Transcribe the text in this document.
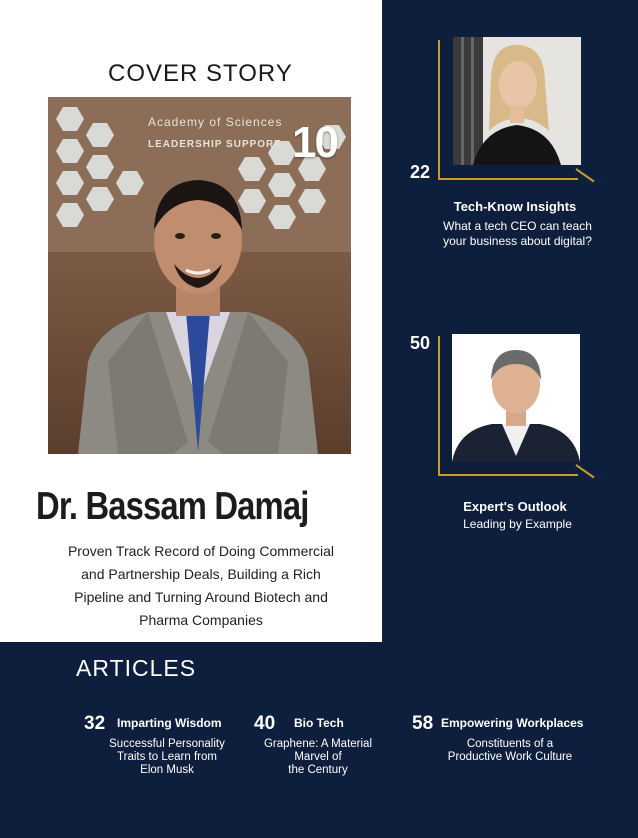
COVER STORY
Academy of Sciences
LEADERSHIP SUPPORT 10
Dr. Bassam Damaj
Proven Track Record of Doing Commercial and Partnership Deals, Building a Rich Pipeline and Turning Around Biotech and Pharma Companies
22
Tech-Know Insights
What a tech CEO can teach
your business about digital?
50
Expert's Outlook
Leading by Example
ARTICLES
32 Imparting Wisdom
Successful Personality
Traits to Learn from
Elon Musk
40 Bio Tech
Graphene: A Material
Marvel of
the Century
58 Empowering Workplaces
Constituents of a
Productive Work Culture
